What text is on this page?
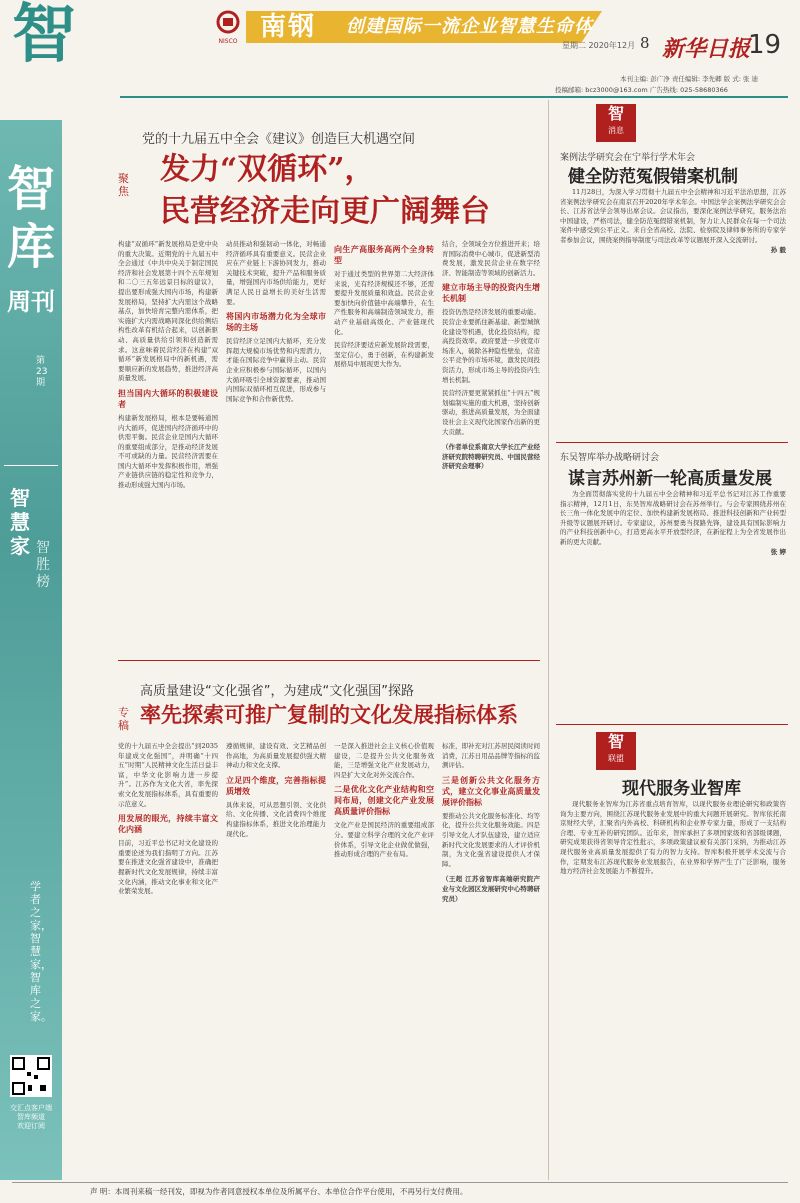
智	NISCO 南钢 创建国际一流企业智慧生命体
星期二 2020年12月 8 新华日报
19
本刊主编: 彭广净 责任编辑: 李先卿 版 式: 张 迪
投稿邮箱: bcz3000@163.com 广告热线: 025-58680366
智库
周刊
第23期
智慧家 智胜榜
学者之家，智慧家，智库之家。
交汇点客户端
智库频道
欢迎订阅
党的十九届五中全会《建议》创造巨大机遇空间
聚焦
发力“双循环”，
民营经济走向更广阔舞台
构建“双循环”新发展格局是党中央的重大决策。近期党的十九届五中全会通过《中共中央关于制定国民经济和社会发展第十四个五年规划和二〇三五年远景目标的建议》，提出要形成强大国内市场，构建新发展格局，坚持扩大内需这个战略基点，加快培育完整内需体系，把实施扩大内需战略同深化供给侧结构性改革有机结合起来，以创新驱动、高质量供给引领和创造新需求。这意味着民营经济在构建“双循环”新发展格局中的新机遇，需要顺应新的发展趋势，推进经济高质量发展。
担当国内大循环的积极建设者
构建新发展格局，根本是要畅通国内大循环，促进国内经济循环中的供需平衡。民营企业是国内大循环的重要组成部分，是推动经济发展不可或缺的力量。民营经济需要在国内大循环中发挥积极作用，增强产业链供应链的稳定性和竞争力，推动形成强大国内市场。
动员推动和强韧动一体化，对畅通经济循环具有重要意义。民营企业应在产业链上下游协同发力，推动关键技术突破，提升产品和服务质量，增强国内市场供给能力，更好满足人民日益增长的美好生活需要。
将国内市场潜力化为全球市场的主场
民营经济立足国内大循环，充分发挥超大规模市场优势和内需潜力，才能在国际竞争中赢得主动。民营企业应积极参与国际循环，以国内大循环吸引全球资源要素，推动国内国际双循环相互促进，形成参与国际竞争和合作新优势。
向生产高服务高两个全身转型
对于通过类型的世界第二大经济体来说，光有经济规模还不够，还需要提升发展质量和效益。民营企业要加快向价值链中高端攀升，在生产性服务和高端制造领域发力，推动产业基础高级化、产业链现代化。
民营经济要适应新发展阶段需要，坚定信心，勇于创新，在构建新发展格局中展现更大作为。
结合，全领域全方位推进开来；培育国际消费中心城市，促进新型消费发展，激发民营企业在数字经济、智能制造等领域的创新活力。
建立市场主导的投资内生增长机制
投资仍然是经济发展的重要动能。民营企业要抓住新基建、新型城镇化建设等机遇，优化投资结构，提高投资效率。政府要进一步放宽市场准入，破除各种隐性壁垒，营造公平竞争的市场环境，激发民间投资活力，形成市场主导的投资内生增长机制。
民营经济要更紧紧抓住“十四五”规划编制实施的重大机遇，坚持创新驱动，推进高质量发展，为全面建设社会主义现代化国家作出新的更大贡献。
（作者单位系南京大学长江产业经济研究院特聘研究员、中国民营经济研究会理事）
智
消息
案例法学研究会在宁举行学术年会
健全防范冤假错案机制
11月28日，为深入学习贯彻十九届五中全会精神和习近平法治思想，江苏省案例法学研究会在南京召开2020年学术年会。中国法学会案例法学研究会会长、江苏省法学会领导出席会议。会议指出，要深化案例法学研究，服务法治中国建设，严格司法，健全防范冤假错案机制，努力让人民群众在每一个司法案件中感受到公平正义。来自全省高校、法院、检察院及律师事务所的专家学者参加会议，围绕案例指导制度与司法改革等议题展开深入交流研讨。
孙 毅
东吴智库举办战略研讨会
谋言苏州新一轮高质量发展
为全面贯彻落实党的十九届五中全会精神和习近平总书记对江苏工作重要指示精神，12月1日，东吴智库战略研讨会在苏州举行。与会专家围绕苏州在长三角一体化发展中的定位、加快构建新发展格局、推进科技创新和产业转型升级等议题展开研讨。专家建议，苏州要勇当探路先锋，建设具有国际影响力的产业科技创新中心，打造更高水平开放型经济，在新征程上为全省发展作出新的更大贡献。
张 婷
智
联盟
现代服务业智库
现代服务业智库为江苏省重点培育智库，以现代服务业理论研究和政策咨询为主要方向，围绕江苏现代服务业发展中的重大问题开展研究。智库依托南京财经大学，汇聚省内外高校、科研机构和企业界专家力量，形成了一支结构合理、专业互补的研究团队。近年来，智库承担了多项国家级和省部级课题，研究成果获得省领导肯定性批示，多项政策建议被有关部门采纳，为推动江苏现代服务业高质量发展提供了有力的智力支持。智库积极开展学术交流与合作，定期发布江苏现代服务业发展报告，在业界和学界产生了广泛影响，服务地方经济社会发展能力不断提升。
高质量建设“文化强省”，为建成“文化强国”探路
专稿 率先探索可推广复制的文化发展指标体系
党的十九届五中全会提出“到2035年建成文化强国”，并明确“十四五”时期“人民精神文化生活日益丰富，中华文化影响力进一步提升”。江苏作为文化大省，率先探索文化发展指标体系，具有重要的示范意义。
用发展的眼光，持续丰富文化内涵
目前，习近平总书记对文化建设的重要论述为我们指明了方向。江苏要在推进文化强省建设中，准确把握新时代文化发展规律，持续丰富文化内涵，推动文化事业和文化产业繁荣发展。
遵循规律，建设有效、文艺精品创作高地，为高质量发展提供强大精神动力和文化支撑。
立足四个维度，完善指标提质增效
具体来说，可从思想引领、文化供给、文化传播、文化消费四个维度构建指标体系，推进文化治理能力现代化。
一是深入推进社会主义核心价值观建设，二是提升公共文化服务效能，三是增强文化产业发展动力，四是扩大文化对外交流合作。
二是优化文化产业结构和空间布局，创建文化产业发展高质量评价指标
文化产业是国民经济的重要组成部分。要建立科学合理的文化产业评价体系，引导文化企业做优做强，推动形成合理的产业布局。
标准，即补充对江苏居民阅读时间消费，江苏日用品品牌等指标的监测评估。
三是创新公共文化服务方式，建立文化事业高质量发展评价指标
要推动公共文化服务标准化、均等化，提升公共文化服务效能。四是引导文化人才队伍建设，建立适应新时代文化发展要求的人才评价机制，为文化强省建设提供人才保障。
（王超 江苏省智库高端研究院产业与文化园区发展研究中心特聘研究员）
声 明：本周刊来稿一经刊发，即视为作者同意授权本单位及所属平台、本单位合作平台使用，不再另行支付费用。
